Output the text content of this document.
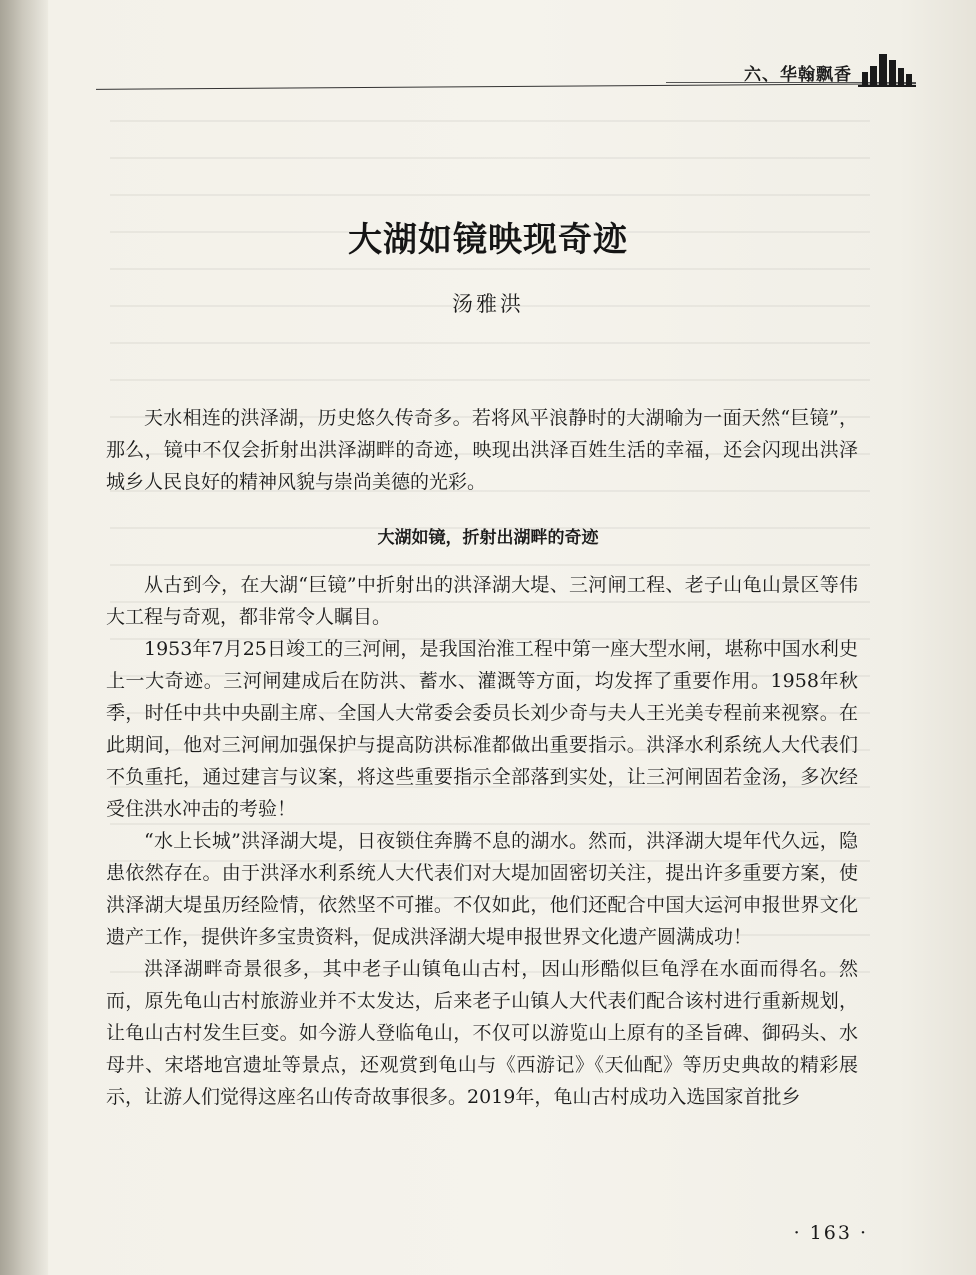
六、华翰飘香
大湖如镜映现奇迹
汤雅洪

天水相连的洪泽湖，历史悠久传奇多。若将风平浪静时的大湖喻为一面天然“巨镜”，那么，镜中不仅会折射出洪泽湖畔的奇迹，映现出洪泽百姓生活的幸福，还会闪现出洪泽城乡人民良好的精神风貌与崇尚美德的光彩。

大湖如镜，折射出湖畔的奇迹

从古到今，在大湖“巨镜”中折射出的洪泽湖大堤、三河闸工程、老子山龟山景区等伟大工程与奇观，都非常令人瞩目。

1953年7月25日竣工的三河闸，是我国治淮工程中第一座大型水闸，堪称中国水利史上一大奇迹。三河闸建成后在防洪、蓄水、灌溉等方面，均发挥了重要作用。1958年秋季，时任中共中央副主席、全国人大常委会委员长刘少奇与夫人王光美专程前来视察。在此期间，他对三河闸加强保护与提高防洪标准都做出重要指示。洪泽水利系统人大代表们不负重托，通过建言与议案，将这些重要指示全部落到实处，让三河闸固若金汤，多次经受住洪水冲击的考验！

“水上长城”洪泽湖大堤，日夜锁住奔腾不息的湖水。然而，洪泽湖大堤年代久远，隐患依然存在。由于洪泽水利系统人大代表们对大堤加固密切关注，提出许多重要方案，使洪泽湖大堤虽历经险情，依然坚不可摧。不仅如此，他们还配合中国大运河申报世界文化遗产工作，提供许多宝贵资料，促成洪泽湖大堤申报世界文化遗产圆满成功！

洪泽湖畔奇景很多，其中老子山镇龟山古村，因山形酷似巨龟浮在水面而得名。然而，原先龟山古村旅游业并不太发达，后来老子山镇人大代表们配合该村进行重新规划，让龟山古村发生巨变。如今游人登临龟山，不仅可以游览山上原有的圣旨碑、御码头、水母井、宋塔地宫遗址等景点，还观赏到龟山与《西游记》《天仙配》等历史典故的精彩展示，让游人们觉得这座名山传奇故事很多。2019年，龟山古村成功入选国家首批乡

· 163 ·
